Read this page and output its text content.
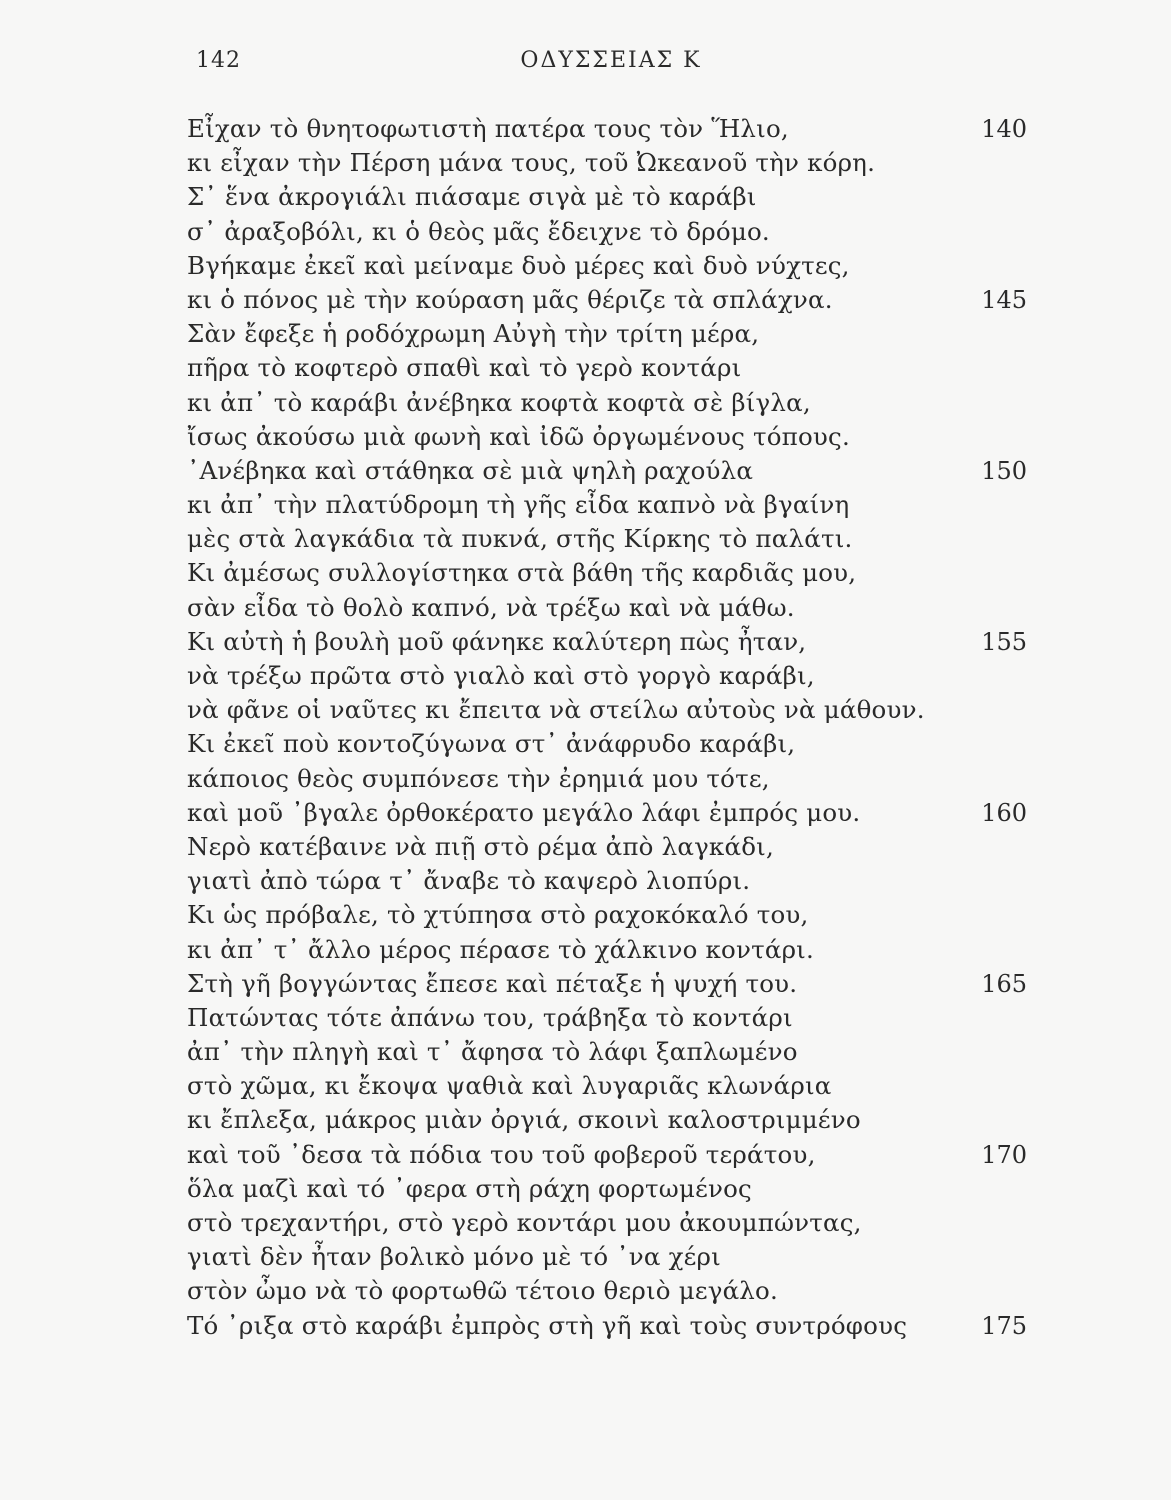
142	ΟΔΥΣΣΕΙΑΣ Κ
Εἶχαν τὸ θνητοφωτιστὴ πατέρα τους τὸν Ἥλιο,	140
κι εἶχαν τὴν Πέρση μάνα τους, τοῦ Ὠκεανοῦ τὴν κόρη.
Σ᾿ ἕνα ἀκρογιάλι πιάσαμε σιγὰ μὲ τὸ καράβι
σ᾿ ἀραξοβόλι, κι ὁ θεὸς μᾶς ἔδειχνε τὸ δρόμο.
Βγήκαμε ἐκεῖ καὶ μείναμε δυὸ μέρες καὶ δυὸ νύχτες,
κι ὁ πόνος μὲ τὴν κούραση μᾶς θέριζε τὰ σπλάχνα.	145
Σὰν ἔφεξε ἡ ροδόχρωμη Αὐγὴ τὴν τρίτη μέρα,
πῆρα τὸ κοφτερὸ σπαθὶ καὶ τὸ γερὸ κοντάρι
κι ἀπ᾿ τὸ καράβι ἀνέβηκα κοφτὰ κοφτὰ σὲ βίγλα,
ἴσως ἀκούσω μιὰ φωνὴ καὶ ἰδῶ ὀργωμένους τόπους.
᾿Ανέβηκα καὶ στάθηκα σὲ μιὰ ψηλὴ ραχούλα	150
κι ἀπ᾿ τὴν πλατύδρομη τὴ γῆς εἶδα καπνὸ νὰ βγαίνη
μὲς στὰ λαγκάδια τὰ πυκνά, στῆς Κίρκης τὸ παλάτι.
Κι ἀμέσως συλλογίστηκα στὰ βάθη τῆς καρδιᾶς μου,
σὰν εἶδα τὸ θολὸ καπνό, νὰ τρέξω καὶ νὰ μάθω.
Κι αὐτὴ ἡ βουλὴ μοῦ φάνηκε καλύτερη πὼς ἦταν,	155
νὰ τρέξω πρῶτα στὸ γιαλὸ καὶ στὸ γοργὸ καράβι,
νὰ φᾶνε οἱ ναῦτες κι ἔπειτα νὰ στείλω αὐτοὺς νὰ μάθουν.
Κι ἐκεῖ ποὺ κοντοζύγωνα στ᾿ ἀνάφρυδο καράβι,
κάποιος θεὸς συμπόνεσε τὴν ἐρημιά μου τότε,
καὶ μοῦ ᾿βγαλε ὀρθοκέρατο μεγάλο λάφι ἐμπρός μου.	160
Νερὸ κατέβαινε νὰ πιῇ στὸ ρέμα ἀπὸ λαγκάδι,
γιατὶ ἀπὸ τώρα τ᾿ ἄναβε τὸ καψερὸ λιοπύρι.
Κι ὡς πρόβαλε, τὸ χτύπησα στὸ ραχοκόκαλό του,
κι ἀπ᾿ τ᾿ ἄλλο μέρος πέρασε τὸ χάλκινο κοντάρι.
Στὴ γῆ βογγώντας ἔπεσε καὶ πέταξε ἡ ψυχή του.	165
Πατώντας τότε ἀπάνω του, τράβηξα τὸ κοντάρι
ἀπ᾿ τὴν πληγὴ καὶ τ᾿ ἄφησα τὸ λάφι ξαπλωμένο
στὸ χῶμα, κι ἔκοψα ψαθιὰ καὶ λυγαριᾶς κλωνάρια
κι ἔπλεξα, μάκρος μιὰν ὀργιά, σκοινὶ καλοστριμμένο
καὶ τοῦ ᾿δεσα τὰ πόδια του τοῦ φοβεροῦ τεράτου,	170
ὅλα μαζὶ καὶ τό ᾿φερα στὴ ράχη φορτωμένος
στὸ τρεχαντήρι, στὸ γερὸ κοντάρι μου ἀκουμπώντας,
γιατὶ δὲν ἦταν βολικὸ μόνο μὲ τό ᾿να χέρι
στὸν ὦμο νὰ τὸ φορτωθῶ τέτοιο θεριὸ μεγάλο.
Τό ᾿ριξα στὸ καράβι ἐμπρὸς στὴ γῆ καὶ τοὺς συντρόφους	175
